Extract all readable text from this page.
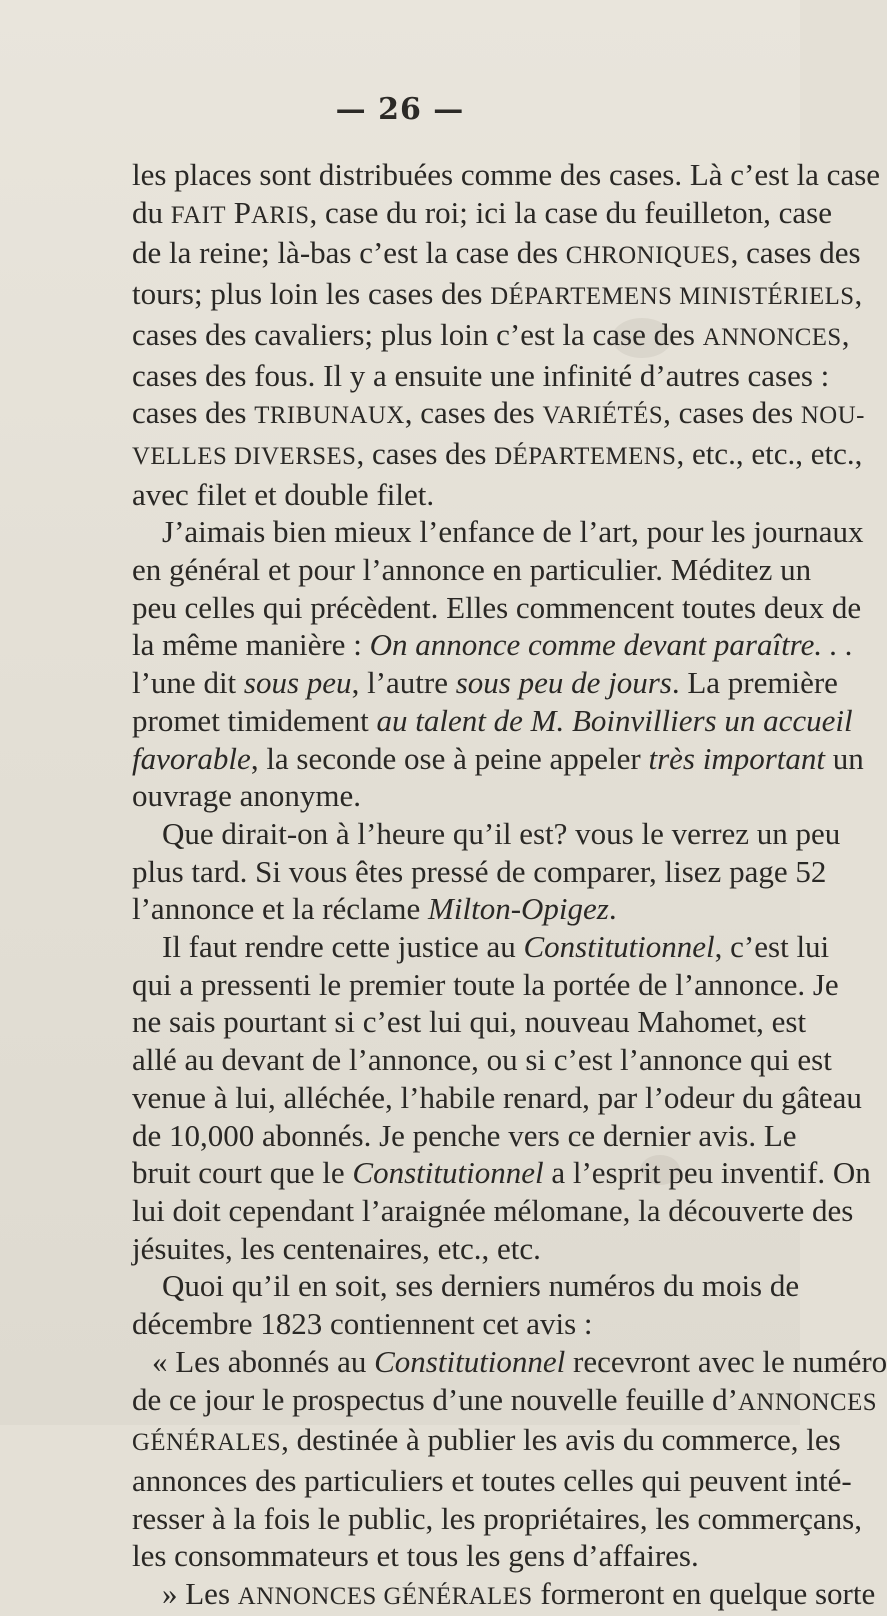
— 26 —
les places sont distribuées comme des cases. Là c’est la case
du FAIT PARIS, case du roi; ici la case du feuilleton, case
de la reine; là-bas c’est la case des CHRONIQUES, cases des
tours; plus loin les cases des DÉPARTEMENS MINISTÉRIELS,
cases des cavaliers; plus loin c’est la case des ANNONCES,
cases des fous. Il y a ensuite une infinité d’autres cases :
cases des TRIBUNAUX, cases des VARIÉTÉS, cases des NOU-
VELLES DIVERSES, cases des DÉPARTEMENS, etc., etc., etc.,
avec filet et double filet.
J’aimais bien mieux l’enfance de l’art, pour les journaux
en général et pour l’annonce en particulier. Méditez un
peu celles qui précèdent. Elles commencent toutes deux de
la même manière : On annonce comme devant paraître. . .
l’une dit sous peu, l’autre sous peu de jours. La première
promet timidement au talent de M. Boinvilliers un accueil
favorable, la seconde ose à peine appeler très important un
ouvrage anonyme.
Que dirait-on à l’heure qu’il est? vous le verrez un peu
plus tard. Si vous êtes pressé de comparer, lisez page 52
l’annonce et la réclame Milton-Opigez.
Il faut rendre cette justice au Constitutionnel, c’est lui
qui a pressenti le premier toute la portée de l’annonce. Je
ne sais pourtant si c’est lui qui, nouveau Mahomet, est
allé au devant de l’annonce, ou si c’est l’annonce qui est
venue à lui, alléchée, l’habile renard, par l’odeur du gâteau
de 10,000 abonnés. Je penche vers ce dernier avis. Le
bruit court que le Constitutionnel a l’esprit peu inventif. On
lui doit cependant l’araignée mélomane, la découverte des
jésuites, les centenaires, etc., etc.
Quoi qu’il en soit, ses derniers numéros du mois de
décembre 1823 contiennent cet avis :
« Les abonnés au Constitutionnel recevront avec le numéro
de ce jour le prospectus d’une nouvelle feuille d’ANNONCES
GÉNÉRALES, destinée à publier les avis du commerce, les
annonces des particuliers et toutes celles qui peuvent inté-
resser à la fois le public, les propriétaires, les commerçans,
les consommateurs et tous les gens d’affaires.
» Les ANNONCES GÉNÉRALES formeront en quelque sorte
